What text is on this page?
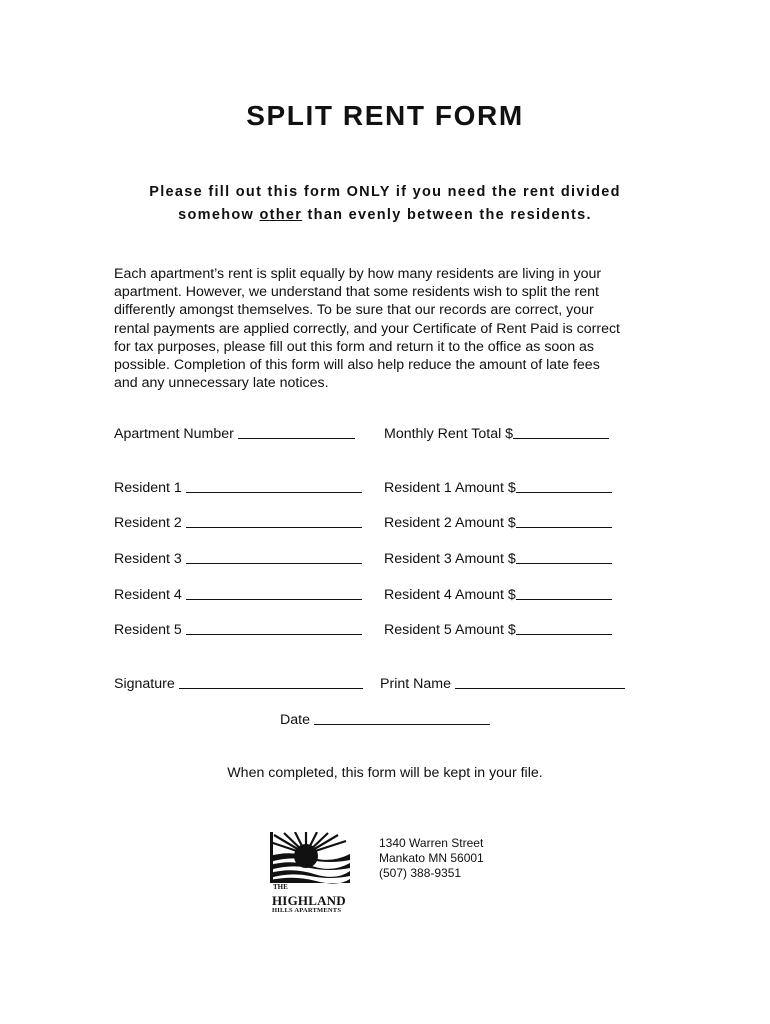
SPLIT RENT FORM
Please fill out this form ONLY if you need the rent divided
somehow other than evenly between the residents.
Each apartment’s rent is split equally by how many residents are living in your
apartment. However, we understand that some residents wish to split the rent
differently amongst themselves. To be sure that our records are correct, your
rental payments are applied correctly, and your Certificate of Rent Paid is correct
for tax purposes, please fill out this form and return it to the office as soon as
possible. Completion of this form will also help reduce the amount of late fees
and any unnecessary late notices.
Apartment Number	Monthly Rent Total $
Resident 1	Resident 1 Amount $
Resident 2	Resident 2 Amount $
Resident 3	Resident 3 Amount $
Resident 4	Resident 4 Amount $
Resident 5	Resident 5 Amount $
Signature	Print Name
Date
When completed, this form will be kept in your file.
THE
HIGHLAND
HILLS APARTMENTS
1340 Warren Street
Mankato MN 56001
(507) 388-9351
